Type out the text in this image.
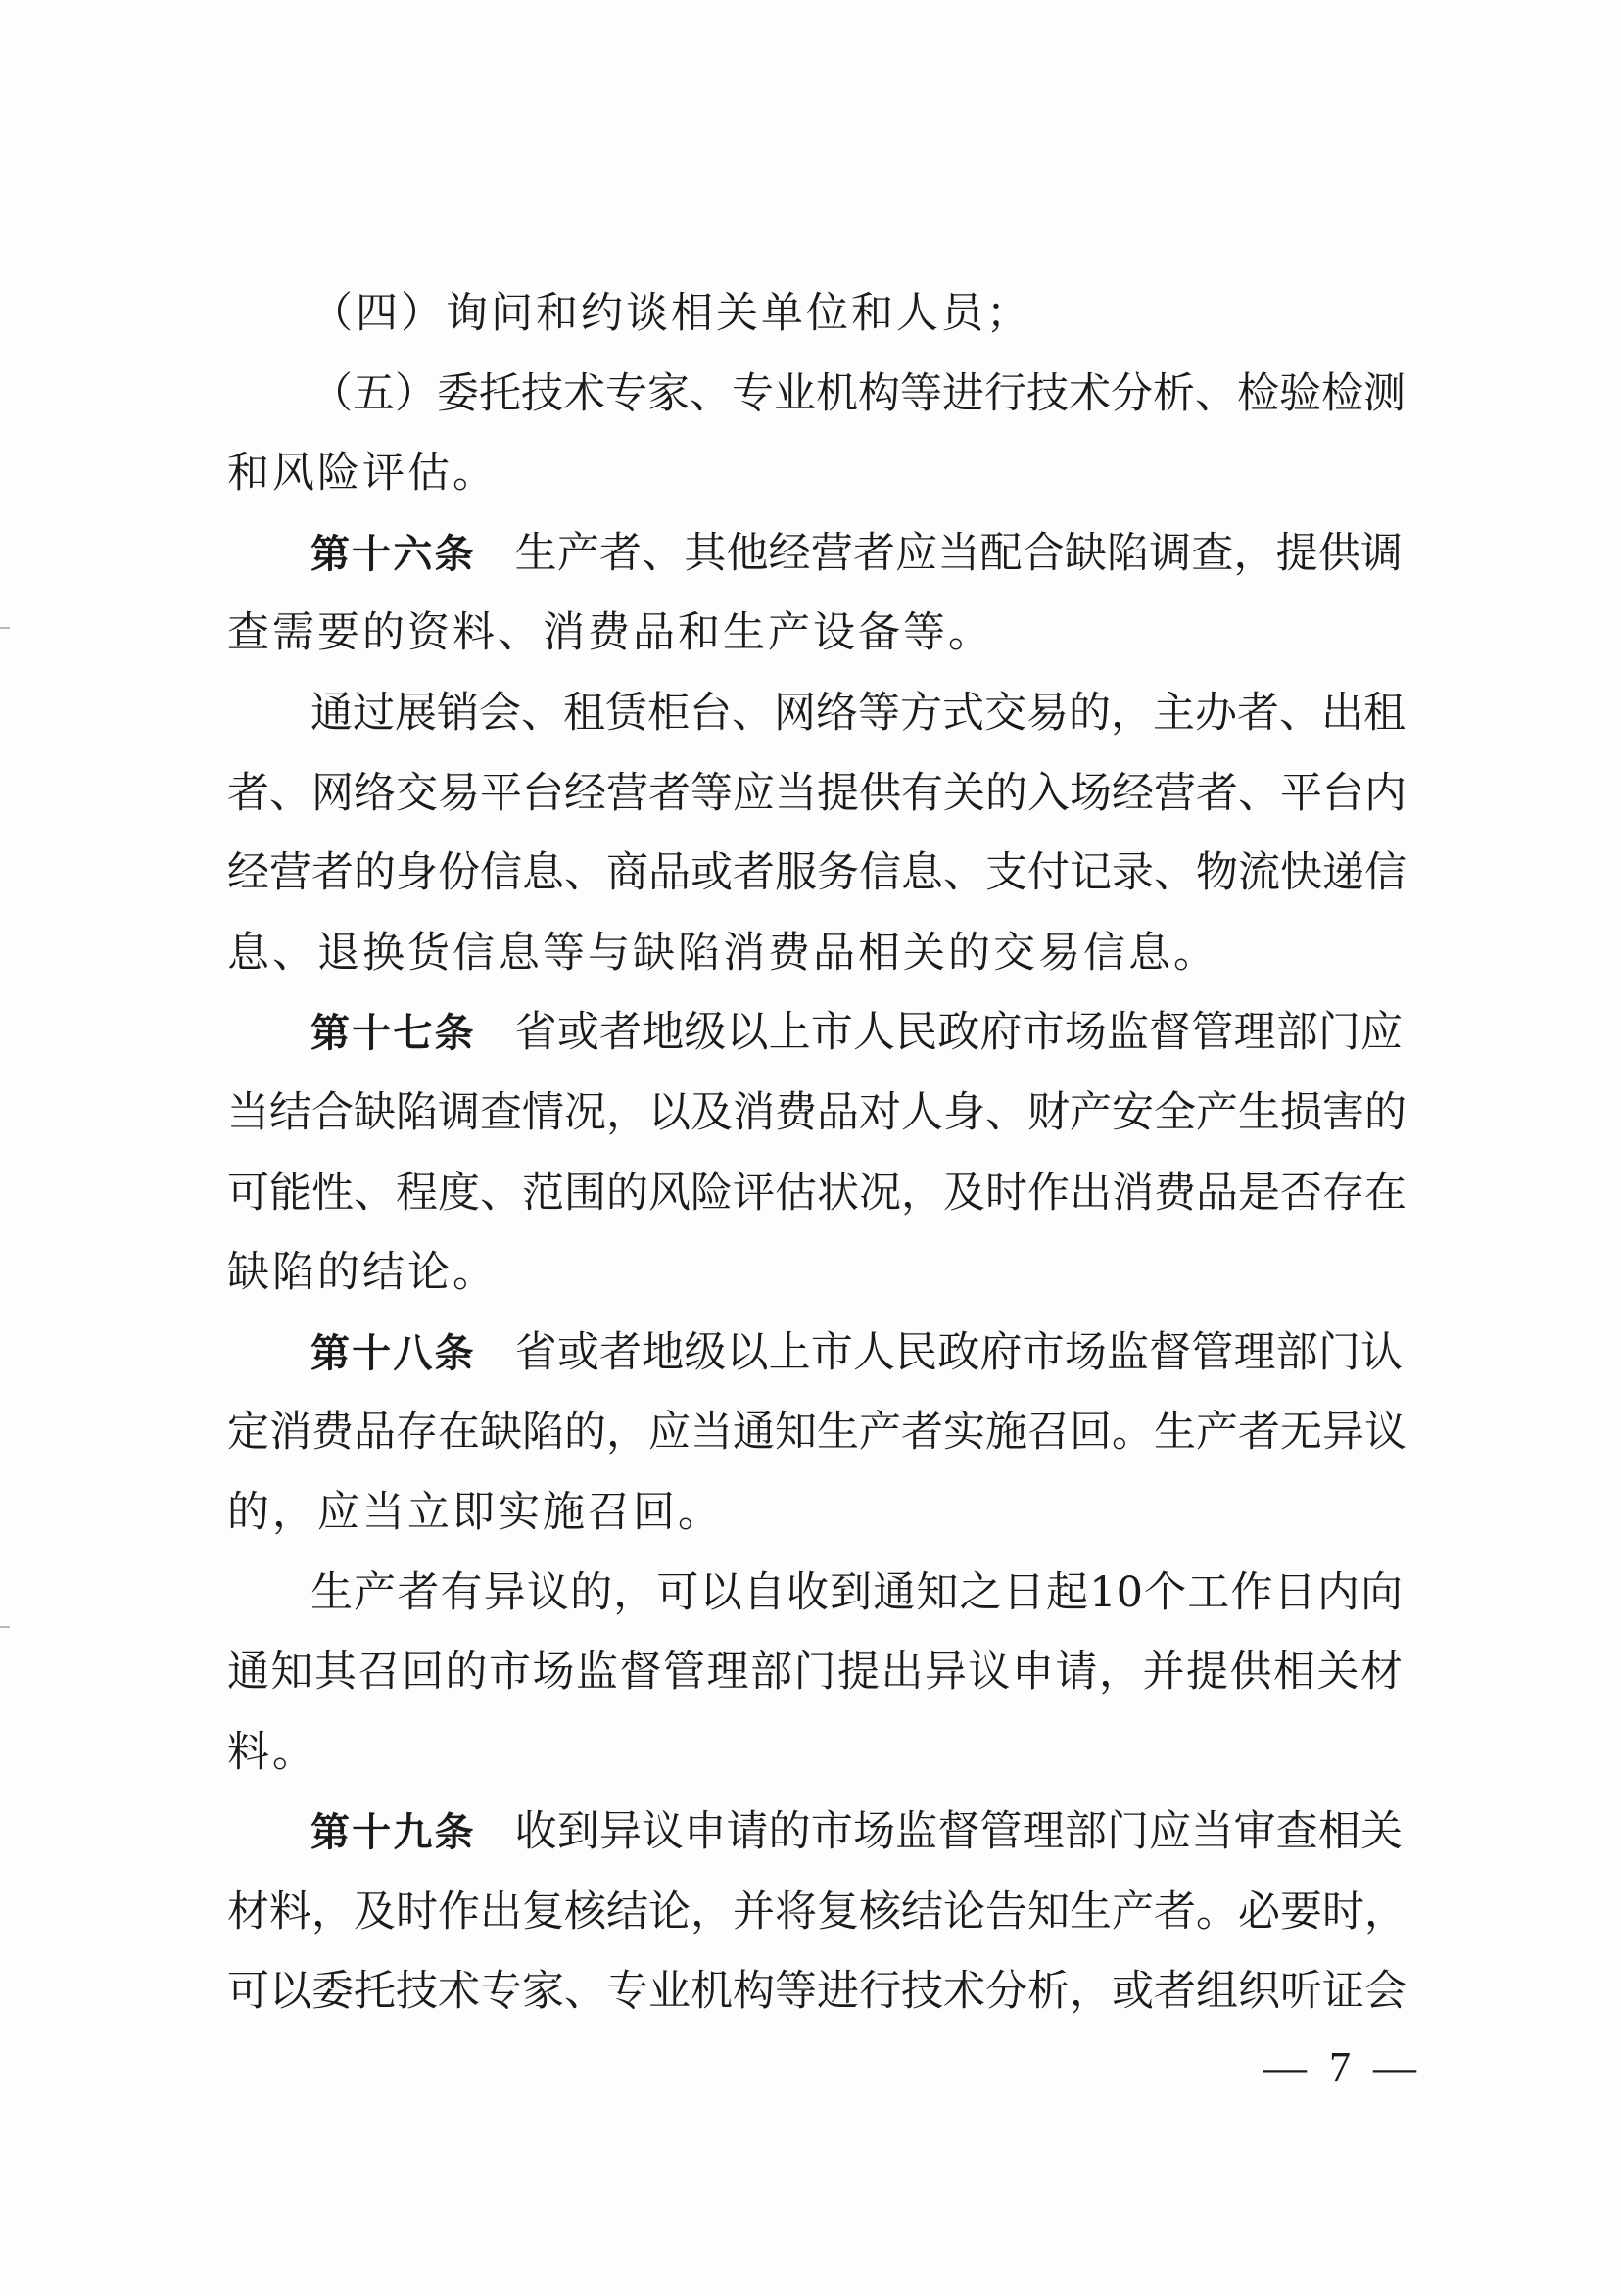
（四）询问和约谈相关单位和人员；
（五）委托技术专家、专业机构等进行技术分析、检验检测
和风险评估。
第十六条 生产者、其他经营者应当配合缺陷调查，提供调
查需要的资料、消费品和生产设备等。
通过展销会、租赁柜台、网络等方式交易的，主办者、出租
者、网络交易平台经营者等应当提供有关的入场经营者、平台内
经营者的身份信息、商品或者服务信息、支付记录、物流快递信
息、退换货信息等与缺陷消费品相关的交易信息。
第十七条 省或者地级以上市人民政府市场监督管理部门应
当结合缺陷调查情况，以及消费品对人身、财产安全产生损害的
可能性、程度、范围的风险评估状况，及时作出消费品是否存在
缺陷的结论。
第十八条 省或者地级以上市人民政府市场监督管理部门认
定消费品存在缺陷的，应当通知生产者实施召回。生产者无异议
的，应当立即实施召回。
生产者有异议的，可以自收到通知之日起10个工作日内向
通知其召回的市场监督管理部门提出异议申请，并提供相关材
料。
第十九条 收到异议申请的市场监督管理部门应当审查相关
材料，及时作出复核结论，并将复核结论告知生产者。必要时，
可以委托技术专家、专业机构等进行技术分析，或者组织听证会
— 7 —
